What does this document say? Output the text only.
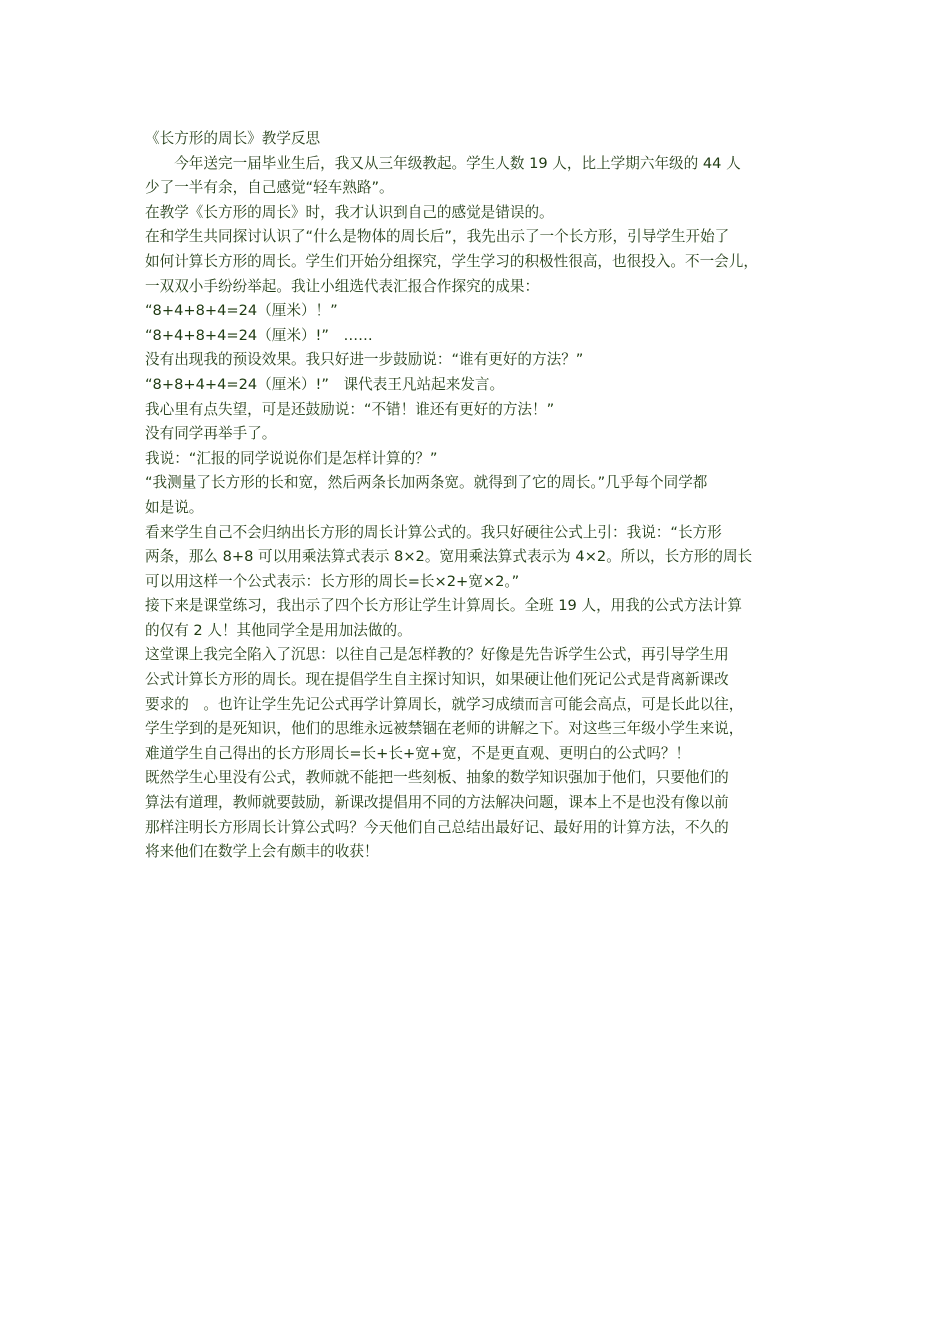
《长方形的周长》教学反思

　　今年送完一届毕业生后，我又从三年级教起。学生人数 19 人，比上学期六年级的 44 人

少了一半有余，自己感觉“轻车熟路”。

在教学《长方形的周长》时，我才认识到自己的感觉是错误的。

在和学生共同探讨认识了“什么是物体的周长后”，我先出示了一个长方形，引导学生开始了

如何计算长方形的周长。学生们开始分组探究，学生学习的积极性很高，也很投入。不一会儿，

一双双小手纷纷举起。我让小组选代表汇报合作探究的成果：

“8+4+8+4=24（厘米）！”

“8+4+8+4=24（厘米）!”　……

没有出现我的预设效果。我只好进一步鼓励说：“谁有更好的方法？”

“8+8+4+4=24（厘米）!”　课代表王凡站起来发言。

我心里有点失望，可是还鼓励说：“不错！谁还有更好的方法！”

没有同学再举手了。

我说：“汇报的同学说说你们是怎样计算的？”

“我测量了长方形的长和宽，然后两条长加两条宽。就得到了它的周长。”几乎每个同学都

如是说。

看来学生自己不会归纳出长方形的周长计算公式的。我只好硬往公式上引：我说：“长方形

两条，那么 8+8 可以用乘法算式表示 8×2。宽用乘法算式表示为 4×2。所以，长方形的周长

可以用这样一个公式表示：长方形的周长=长×2+宽×2。”

接下来是课堂练习，我出示了四个长方形让学生计算周长。全班 19 人，用我的公式方法计算

的仅有 2 人！其他同学全是用加法做的。

这堂课上我完全陷入了沉思：以往自己是怎样教的？好像是先告诉学生公式，再引导学生用

公式计算长方形的周长。现在提倡学生自主探讨知识，如果硬让他们死记公式是背离新课改

要求的　。也许让学生先记公式再学计算周长，就学习成绩而言可能会高点，可是长此以往，

学生学到的是死知识，他们的思维永远被禁锢在老师的讲解之下。对这些三年级小学生来说，

难道学生自己得出的长方形周长=长+长+宽+宽，不是更直观、更明白的公式吗？！

既然学生心里没有公式，教师就不能把一些刻板、抽象的数学知识强加于他们，只要他们的

算法有道理，教师就要鼓励，新课改提倡用不同的方法解决问题，课本上不是也没有像以前

那样注明长方形周长计算公式吗？今天他们自己总结出最好记、最好用的计算方法，不久的

将来他们在数学上会有颇丰的收获！
